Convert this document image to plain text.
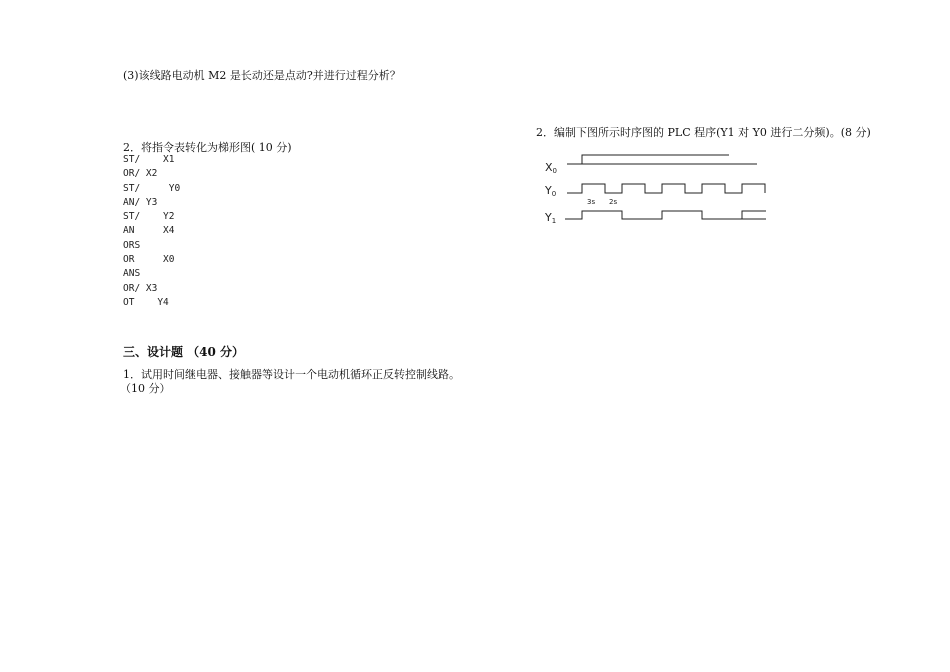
(3)该线路电动机 M2 是长动还是点动?并进行过程分析？
2．将指令表转化为梯形图( 10 分)
ST/    X1
OR/ X2
ST/     Y0
AN/ Y3
ST/    Y2
AN     X4
ORS
OR     X0
ANS
OR/ X3
OT    Y4
三、设计题 （40 分）
1．试用时间继电器、接触器等设计一个电动机循环正反转控制线路。
（10 分）
2．编制下图所示时序图的 PLC 程序(Y1 对 Y0 进行二分频)。(8 分)
X0
Y0
3s 2s
Y1
